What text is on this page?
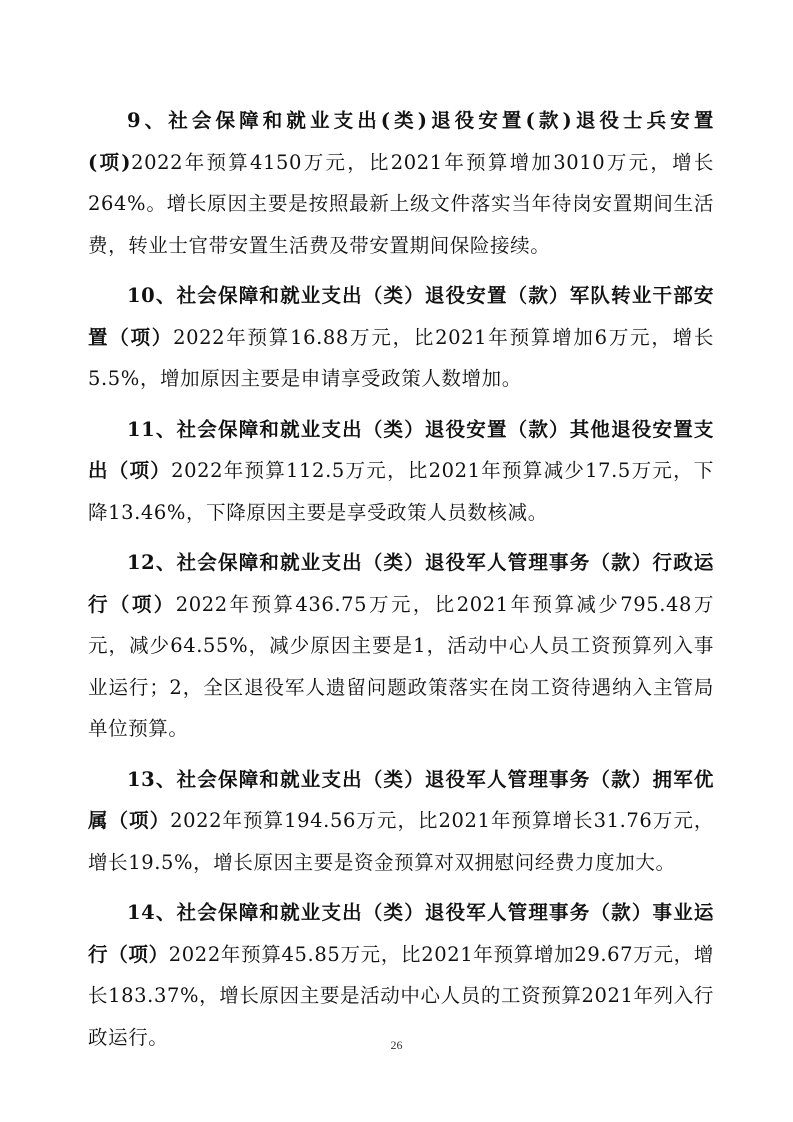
9、社会保障和就业支出(类)退役安置(款)退役士兵安置(项)2022年预算4150万元，比2021年预算增加3010万元，增长264%。增长原因主要是按照最新上级文件落实当年待岗安置期间生活费，转业士官带安置生活费及带安置期间保险接续。

10、社会保障和就业支出（类）退役安置（款）军队转业干部安置（项）2022年预算16.88万元，比2021年预算增加6万元，增长5.5%，增加原因主要是申请享受政策人数增加。

11、社会保障和就业支出（类）退役安置（款）其他退役安置支出（项）2022年预算112.5万元，比2021年预算减少17.5万元，下降13.46%，下降原因主要是享受政策人员数核减。

12、社会保障和就业支出（类）退役军人管理事务（款）行政运行（项）2022年预算436.75万元，比2021年预算减少795.48万元，减少64.55%，减少原因主要是1，活动中心人员工资预算列入事业运行；2，全区退役军人遗留问题政策落实在岗工资待遇纳入主管局单位预算。

13、社会保障和就业支出（类）退役军人管理事务（款）拥军优属（项）2022年预算194.56万元，比2021年预算增长31.76万元，增长19.5%，增长原因主要是资金预算对双拥慰问经费力度加大。

14、社会保障和就业支出（类）退役军人管理事务（款）事业运行（项）2022年预算45.85万元，比2021年预算增加29.67万元，增长183.37%，增长原因主要是活动中心人员的工资预算2021年列入行政运行。	26
